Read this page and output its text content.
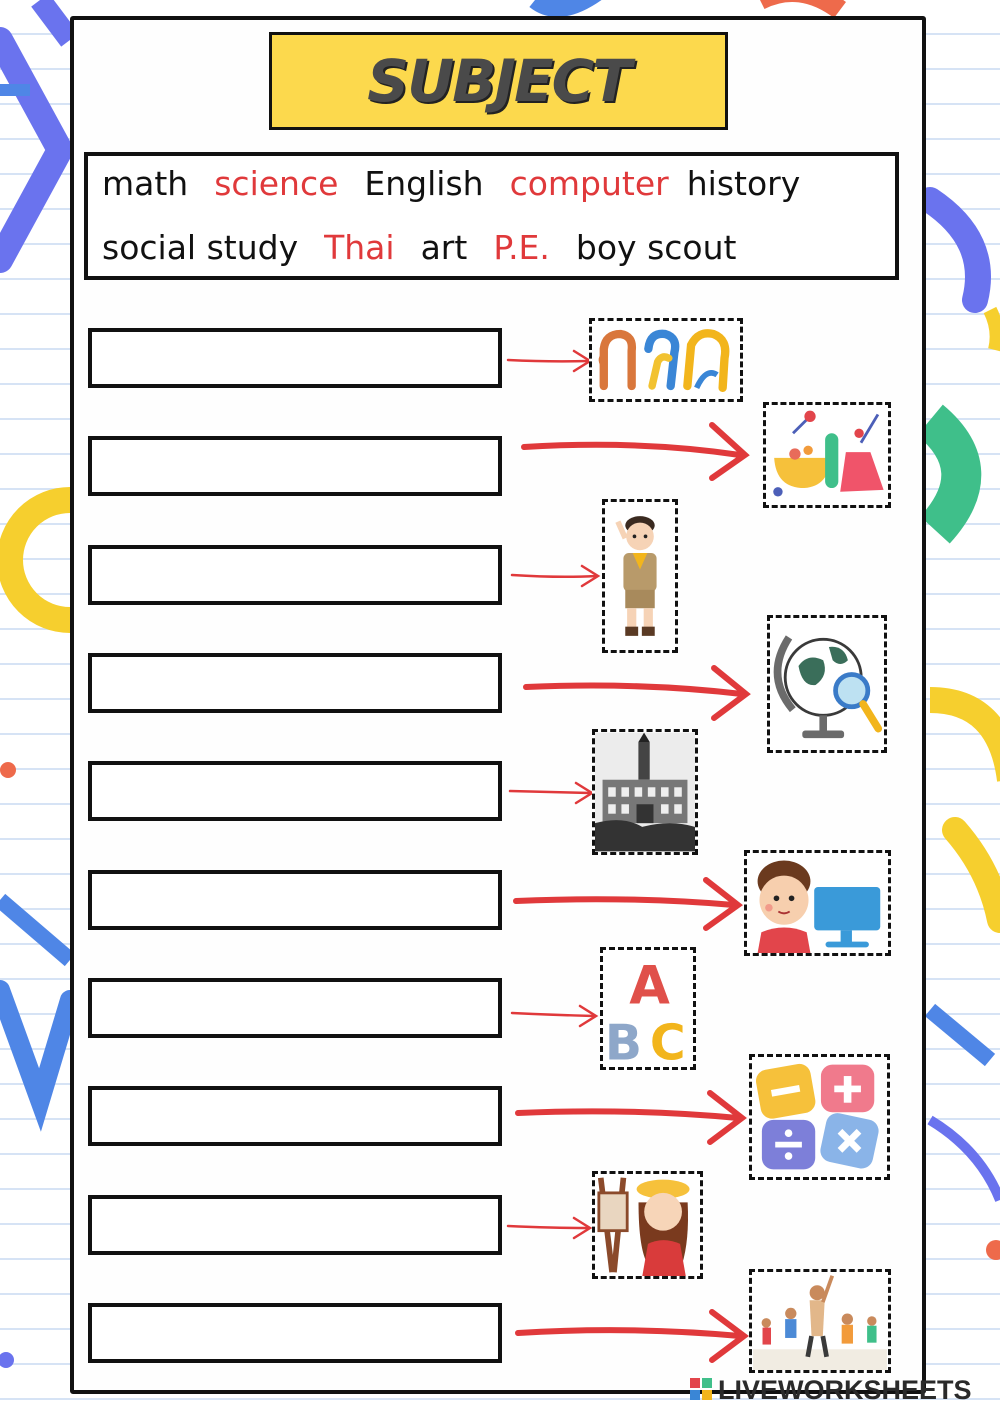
SUBJECT
math science English computer history
social study Thai art P.E. boy scout
A
B C
LIVEWORKSHEETS
